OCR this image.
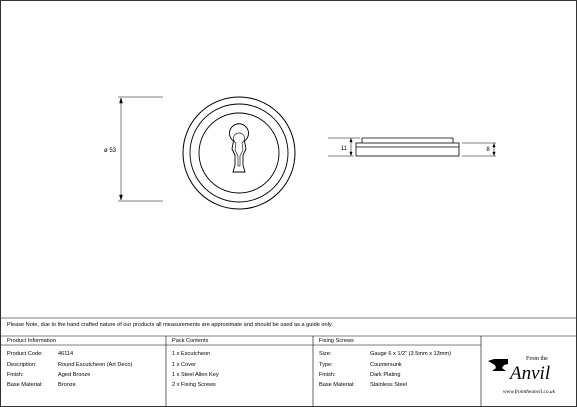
ø 53	11	8
Please Note, due to the hand crafted nature of our products all measurements are approximate and should be used as a guide only.
Product Information
Product Code:	46114
Description:	Round Escutcheon (Art Deco)
Finish:	Aged Bronze
Base Material:	Bronze
Pack Contents
1 x Escutcheon
1 x Cover
1 x Steel Allen Key
2 x Fixing Screws
Fixing Screws
Size:	Gauge 6 x 1/2" (3.5mm x 13mm)
Type:	Countersunk
Finish:	Dark Plating
Base Material:	Stainless Steel
From the
Anvil
www.fromtheanvil.co.uk
